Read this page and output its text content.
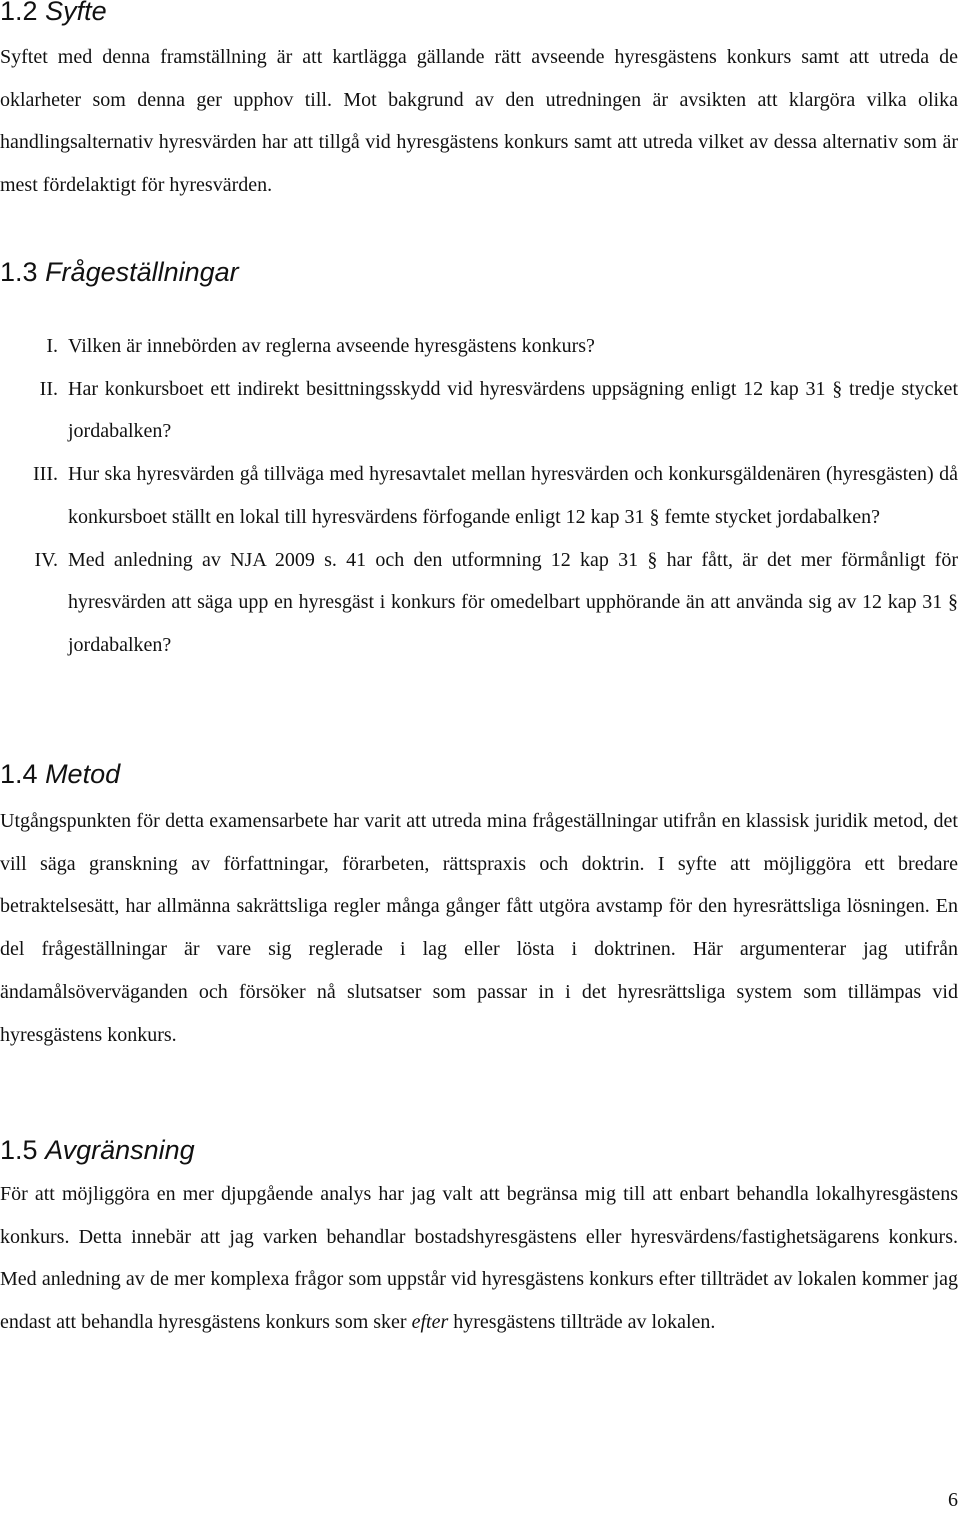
1.2 Syfte

Syftet med denna framställning är att kartlägga gällande rätt avseende hyresgästens konkurs samt att utreda de oklarheter som denna ger upphov till. Mot bakgrund av den utredningen är avsikten att klargöra vilka olika handlingsalternativ hyresvärden har att tillgå vid hyresgästens konkurs samt att utreda vilket av dessa alternativ som är mest fördelaktigt för hyresvärden.

1.3 Frågeställningar
I. Vilken är innebörden av reglerna avseende hyresgästens konkurs?
II. Har konkursboet ett indirekt besittningsskydd vid hyresvärdens uppsägning enligt 12 kap 31 § tredje stycket jordabalken?
III. Hur ska hyresvärden gå tillväga med hyresavtalet mellan hyresvärden och konkursgäldenären (hyresgästen) då konkursboet ställt en lokal till hyresvärdens förfogande enligt 12 kap 31 § femte stycket jordabalken?
IV. Med anledning av NJA 2009 s. 41 och den utformning 12 kap 31 § har fått, är det mer förmånligt för hyresvärden att säga upp en hyresgäst i konkurs för omedelbart upphörande än att använda sig av 12 kap 31 § jordabalken?
1.4 Metod

Utgångspunkten för detta examensarbete har varit att utreda mina frågeställningar utifrån en klassisk juridik metod, det vill säga granskning av författningar, förarbeten, rättspraxis och doktrin. I syfte att möjliggöra ett bredare betraktelsesätt, har allmänna sakrättsliga regler många gånger fått utgöra avstamp för den hyresrättsliga lösningen. En del frågeställningar är vare sig reglerade i lag eller lösta i doktrinen. Här argumenterar jag utifrån ändamålsöverväganden och försöker nå slutsatser som passar in i det hyresrättsliga system som tillämpas vid hyresgästens konkurs.

1.5 Avgränsning

För att möjliggöra en mer djupgående analys har jag valt att begränsa mig till att enbart behandla lokalhyresgästens konkurs. Detta innebär att jag varken behandlar bostadshyresgästens eller hyresvärdens/fastighetsägarens konkurs. Med anledning av de mer komplexa frågor som uppstår vid hyresgästens konkurs efter tillträdet av lokalen kommer jag endast att behandla hyresgästens konkurs som sker efter hyresgästens tillträde av lokalen.

6
